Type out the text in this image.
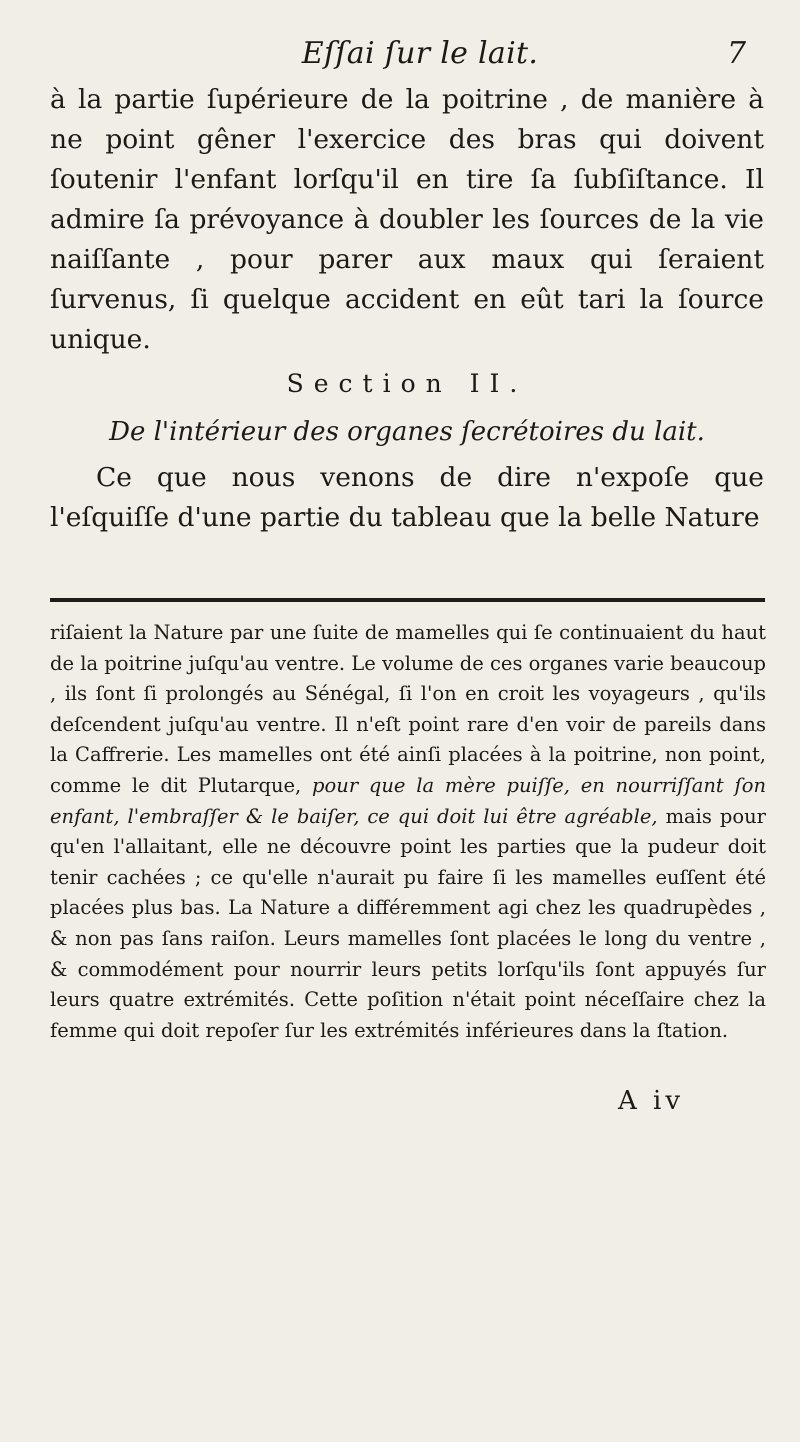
Eſſai ſur le lait.	7

à la partie ſupérieure de la poitrine , de manière à ne point gêner l'exercice des bras qui doivent ſoutenir l'enfant lorſqu'il en tire ſa ſubſiſtance. Il admire ſa prévoyance à doubler les ſources de la vie naiſſante , pour parer aux maux qui ſeraient ſurvenus, ſi quelque accident en eût tari la ſource unique.

Section II.
De l'intérieur des organes ſecrétoires du lait.

Ce que nous venons de dire n'expoſe que l'eſquiſſe d'une partie du tableau que la belle Nature

riſaient la Nature par une ſuite de mamelles qui ſe continuaient du haut de la poitrine juſqu'au ventre. Le volume de ces organes varie beaucoup , ils ſont ſi prolongés au Sénégal, ſi l'on en croit les voyageurs , qu'ils deſcendent juſqu'au ventre. Il n'eſt point rare d'en voir de pareils dans la Caffrerie. Les mamelles ont été ainſi placées à la poitrine, non point, comme le dit Plutarque, pour que la mère puiſſe, en nourriſſant ſon enfant, l'embraſſer & le baiſer, ce qui doit lui être agréable, mais pour qu'en l'allaitant, elle ne découvre point les parties que la pudeur doit tenir cachées ; ce qu'elle n'aurait pu faire ſi les mamelles euſſent été placées plus bas. La Nature a différemment agi chez les quadrupèdes , & non pas ſans raiſon. Leurs mamelles ſont placées le long du ventre , & commodément pour nourrir leurs petits lorſqu'ils ſont appuyés ſur leurs quatre extrémités. Cette poſition n'était point néceſſaire chez la femme qui doit repoſer ſur les extrémités inférieures dans la ſtation.

A iv
